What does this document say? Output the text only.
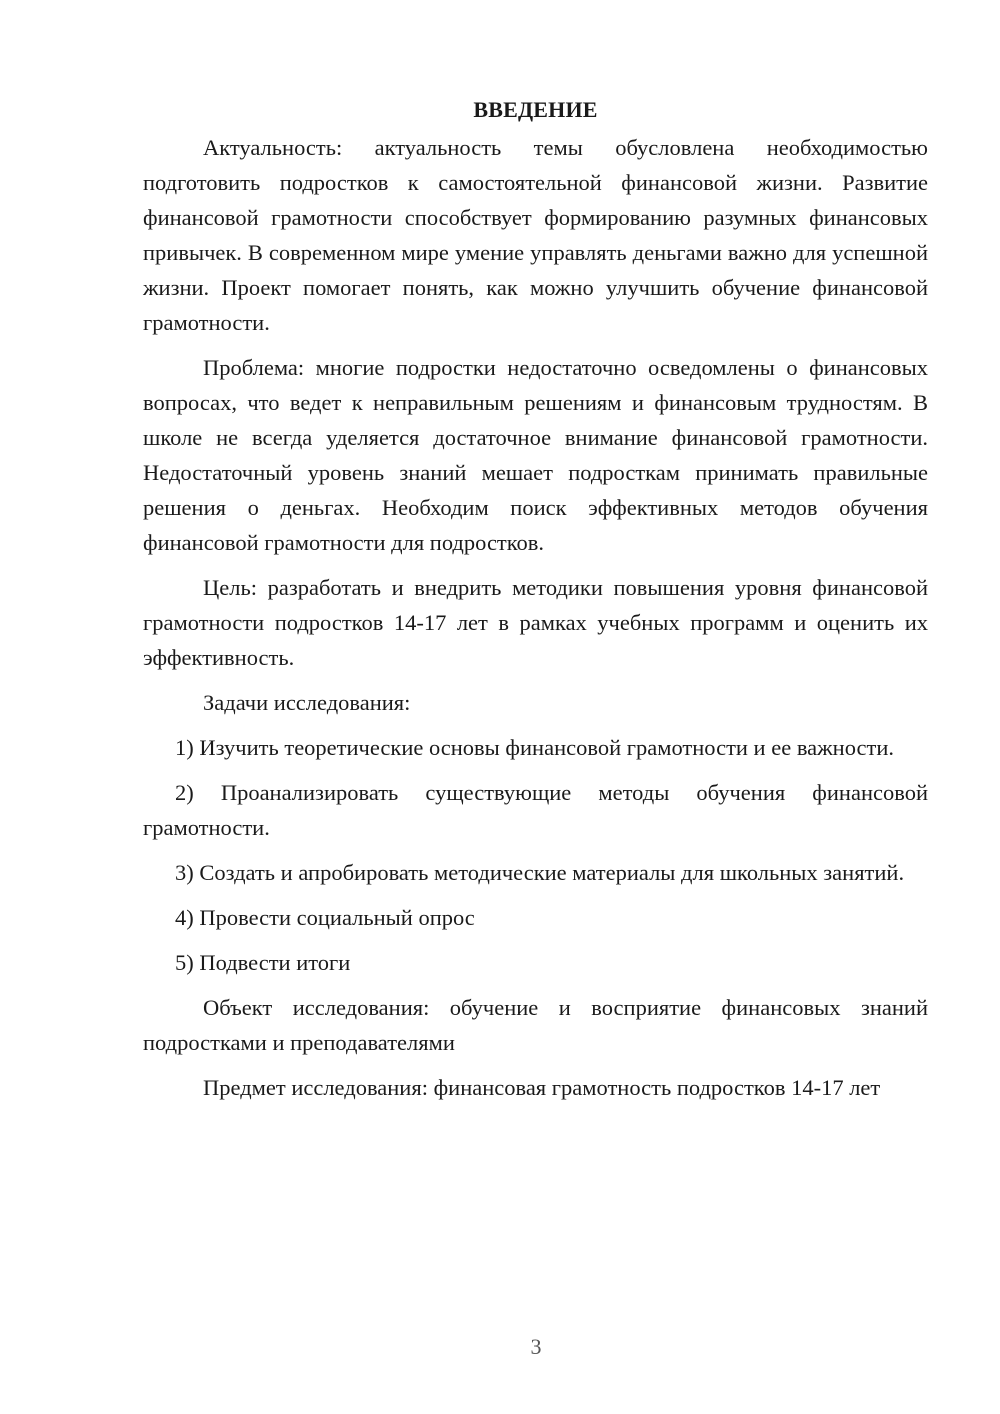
ВВЕДЕНИЕ

Актуальность: актуальность темы обусловлена необходимостью подготовить подростков к самостоятельной финансовой жизни. Развитие финансовой грамотности способствует формированию разумных финансовых привычек. В современном мире умение управлять деньгами важно для успешной жизни. Проект помогает понять, как можно улучшить обучение финансовой грамотности.

Проблема: многие подростки недостаточно осведомлены о финансовых вопросах, что ведет к неправильным решениям и финансовым трудностям. В школе не всегда уделяется достаточное внимание финансовой грамотности. Недостаточный уровень знаний мешает подросткам принимать правильные решения о деньгах. Необходим поиск эффективных методов обучения финансовой грамотности для подростков.

Цель: разработать и внедрить методики повышения уровня финансовой грамотности подростков 14-17 лет в рамках учебных программ и оценить их эффективность.

Задачи исследования:

1) Изучить теоретические основы финансовой грамотности и ее важности.

2) Проанализировать существующие методы обучения финансовой грамотности.

3) Создать и апробировать методические материалы для школьных занятий.

4) Провести социальный опрос

5) Подвести итоги

Объект исследования: обучение и восприятие финансовых знаний подростками и преподавателями

Предмет исследования: финансовая грамотность подростков 14-17 лет

3
